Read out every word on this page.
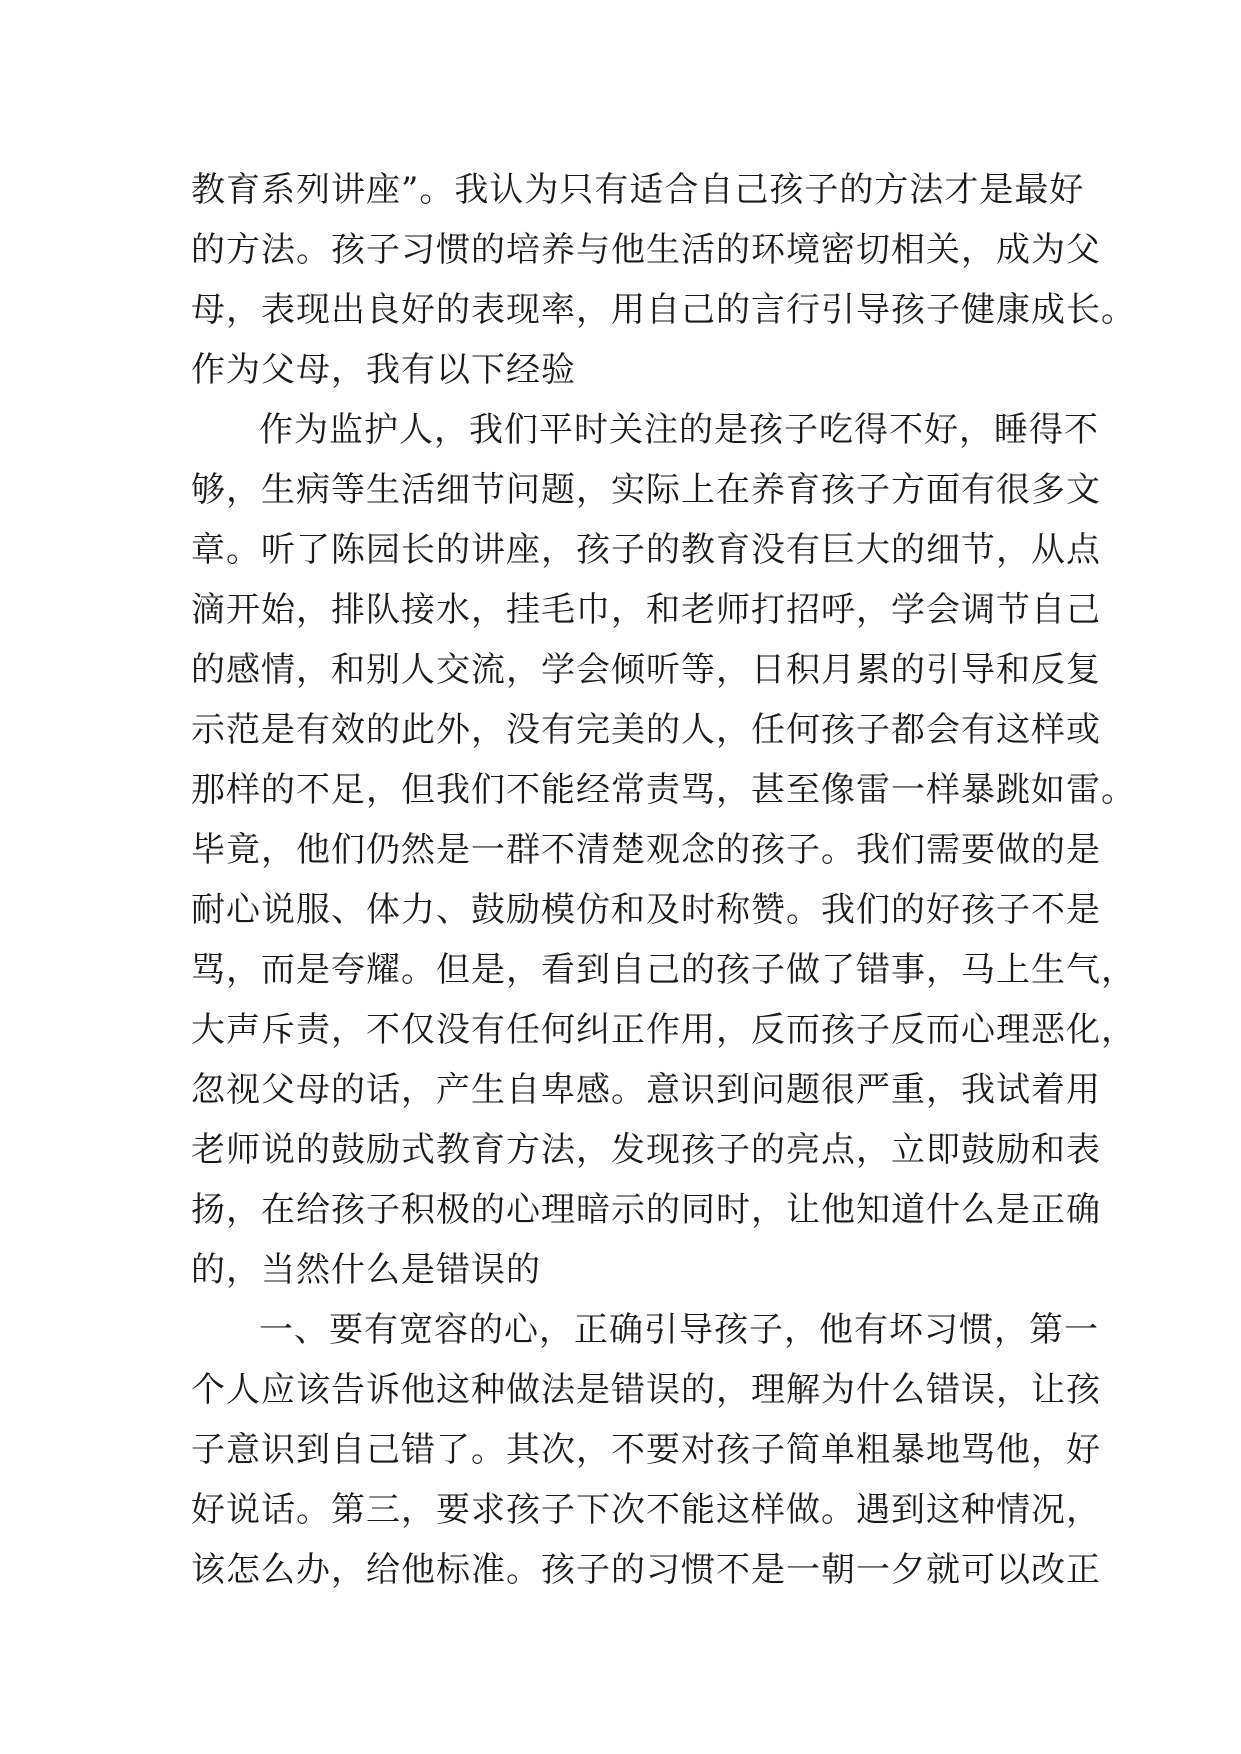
教育系列讲座”。我认为只有适合自己孩子的方法才是最好
的方法。孩子习惯的培养与他生活的环境密切相关，成为父
母，表现出良好的表现率，用自己的言行引导孩子健康成长。
作为父母，我有以下经验
作为监护人，我们平时关注的是孩子吃得不好，睡得不
够，生病等生活细节问题，实际上在养育孩子方面有很多文
章。听了陈园长的讲座，孩子的教育没有巨大的细节，从点
滴开始，排队接水，挂毛巾，和老师打招呼，学会调节自己
的感情，和别人交流，学会倾听等，日积月累的引导和反复
示范是有效的此外，没有完美的人，任何孩子都会有这样或
那样的不足，但我们不能经常责骂，甚至像雷一样暴跳如雷。
毕竟，他们仍然是一群不清楚观念的孩子。我们需要做的是
耐心说服、体力、鼓励模仿和及时称赞。我们的好孩子不是
骂，而是夸耀。但是，看到自己的孩子做了错事，马上生气，
大声斥责，不仅没有任何纠正作用，反而孩子反而心理恶化，
忽视父母的话，产生自卑感。意识到问题很严重，我试着用
老师说的鼓励式教育方法，发现孩子的亮点，立即鼓励和表
扬，在给孩子积极的心理暗示的同时，让他知道什么是正确
的，当然什么是错误的
一、要有宽容的心，正确引导孩子，他有坏习惯，第一
个人应该告诉他这种做法是错误的，理解为什么错误，让孩
子意识到自己错了。其次，不要对孩子简单粗暴地骂他，好
好说话。第三，要求孩子下次不能这样做。遇到这种情况，
该怎么办，给他标准。孩子的习惯不是一朝一夕就可以改正
